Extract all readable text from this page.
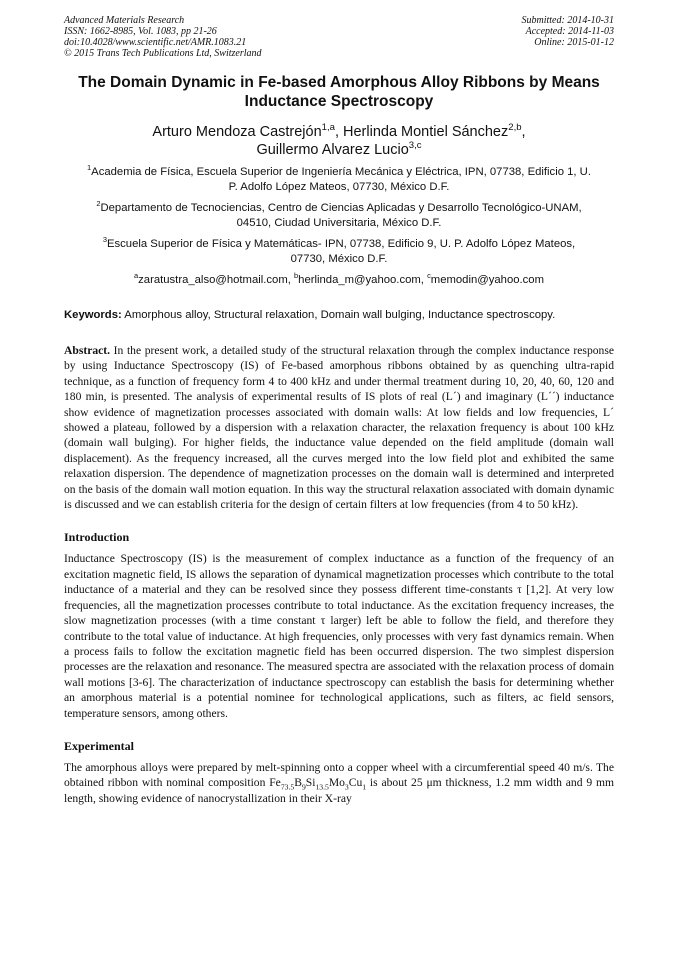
Advanced Materials Research
ISSN: 1662-8985, Vol. 1083, pp 21-26
doi:10.4028/www.scientific.net/AMR.1083.21
© 2015 Trans Tech Publications Ltd, Switzerland
Submitted: 2014-10-31
Accepted: 2014-11-03
Online: 2015-01-12
The Domain Dynamic in Fe-based Amorphous Alloy Ribbons by Means
Inductance Spectroscopy
Arturo Mendoza Castrejón$^{1,a}$, Herlinda Montiel Sánchez$^{2,b}$,
Guillermo Alvarez Lucio$^{3,c}$
$^1$Academia de Física, Escuela Superior de Ingeniería Mecánica y Eléctrica, IPN, 07738, Edificio 1, U.
P. Adolfo López Mateos, 07730, México D.F.
$^2$Departamento de Tecnociencias, Centro de Ciencias Aplicadas y Desarrollo Tecnológico-UNAM,
04510, Ciudad Universitaria, México D.F.
$^3$Escuela Superior de Física y Matemáticas- IPN, 07738, Edificio 9, U. P. Adolfo López Mateos,
07730, México D.F.
$^a$zaratustra_also@hotmail.com, $^b$herlinda_m@yahoo.com, $^c$memodin@yahoo.com
Keywords: Amorphous alloy, Structural relaxation, Domain wall bulging, Inductance spectroscopy.

Abstract. In the present work, a detailed study of the structural relaxation through the complex inductance response by using Inductance Spectroscopy (IS) of Fe-based amorphous ribbons obtained by as quenching ultra-rapid technique, as a function of frequency form 4 to 400 kHz and under thermal treatment during 10, 20, 40, 60, 120 and 180 min, is presented. The analysis of experimental results of IS plots of real (L´) and imaginary (L´´) inductance show evidence of magnetization processes associated with domain walls: At low fields and low frequencies, L´ showed a plateau, followed by a dispersion with a relaxation character, the relaxation frequency is about 100 kHz (domain wall bulging). For higher fields, the inductance value depended on the field amplitude (domain wall displacement). As the frequency increased, all the curves merged into the low field plot and exhibited the same relaxation dispersion. The dependence of magnetization processes on the domain wall is determined and interpreted on the basis of the domain wall motion equation. In this way the structural relaxation associated with domain dynamic is discussed and we can establish criteria for the design of certain filters at low frequencies (from 4 to 50 kHz).

Introduction

Inductance Spectroscopy (IS) is the measurement of complex inductance as a function of the frequency of an excitation magnetic field, IS allows the separation of dynamical magnetization processes which contribute to the total inductance of a material and they can be resolved since they possess different time-constants τ [1,2]. At very low frequencies, all the magnetization processes contribute to total inductance. As the excitation frequency increases, the slow magnetization processes (with a time constant τ larger) left be able to follow the field, and therefore they contribute to the total value of inductance. At high frequencies, only processes with very fast dynamics remain. When a process fails to follow the excitation magnetic field has been occurred dispersion. The two simplest dispersion processes are the relaxation and resonance. The measured spectra are associated with the relaxation process of domain wall motions [3-6]. The characterization of inductance spectroscopy can establish the basis for determining whether an amorphous material is a potential nominee for technological applications, such as filters, ac field sensors, temperature sensors, among others.

Experimental

The amorphous alloys were prepared by melt-spinning onto a copper wheel with a circumferential speed 40 m/s. The obtained ribbon with nominal composition $Fe_{73.5}B_9Si_{13.5}Mo_3Cu_1$ is about 25 μm thickness, 1.2 mm width and 9 mm length, showing evidence of nanocrystallization in their X-ray
